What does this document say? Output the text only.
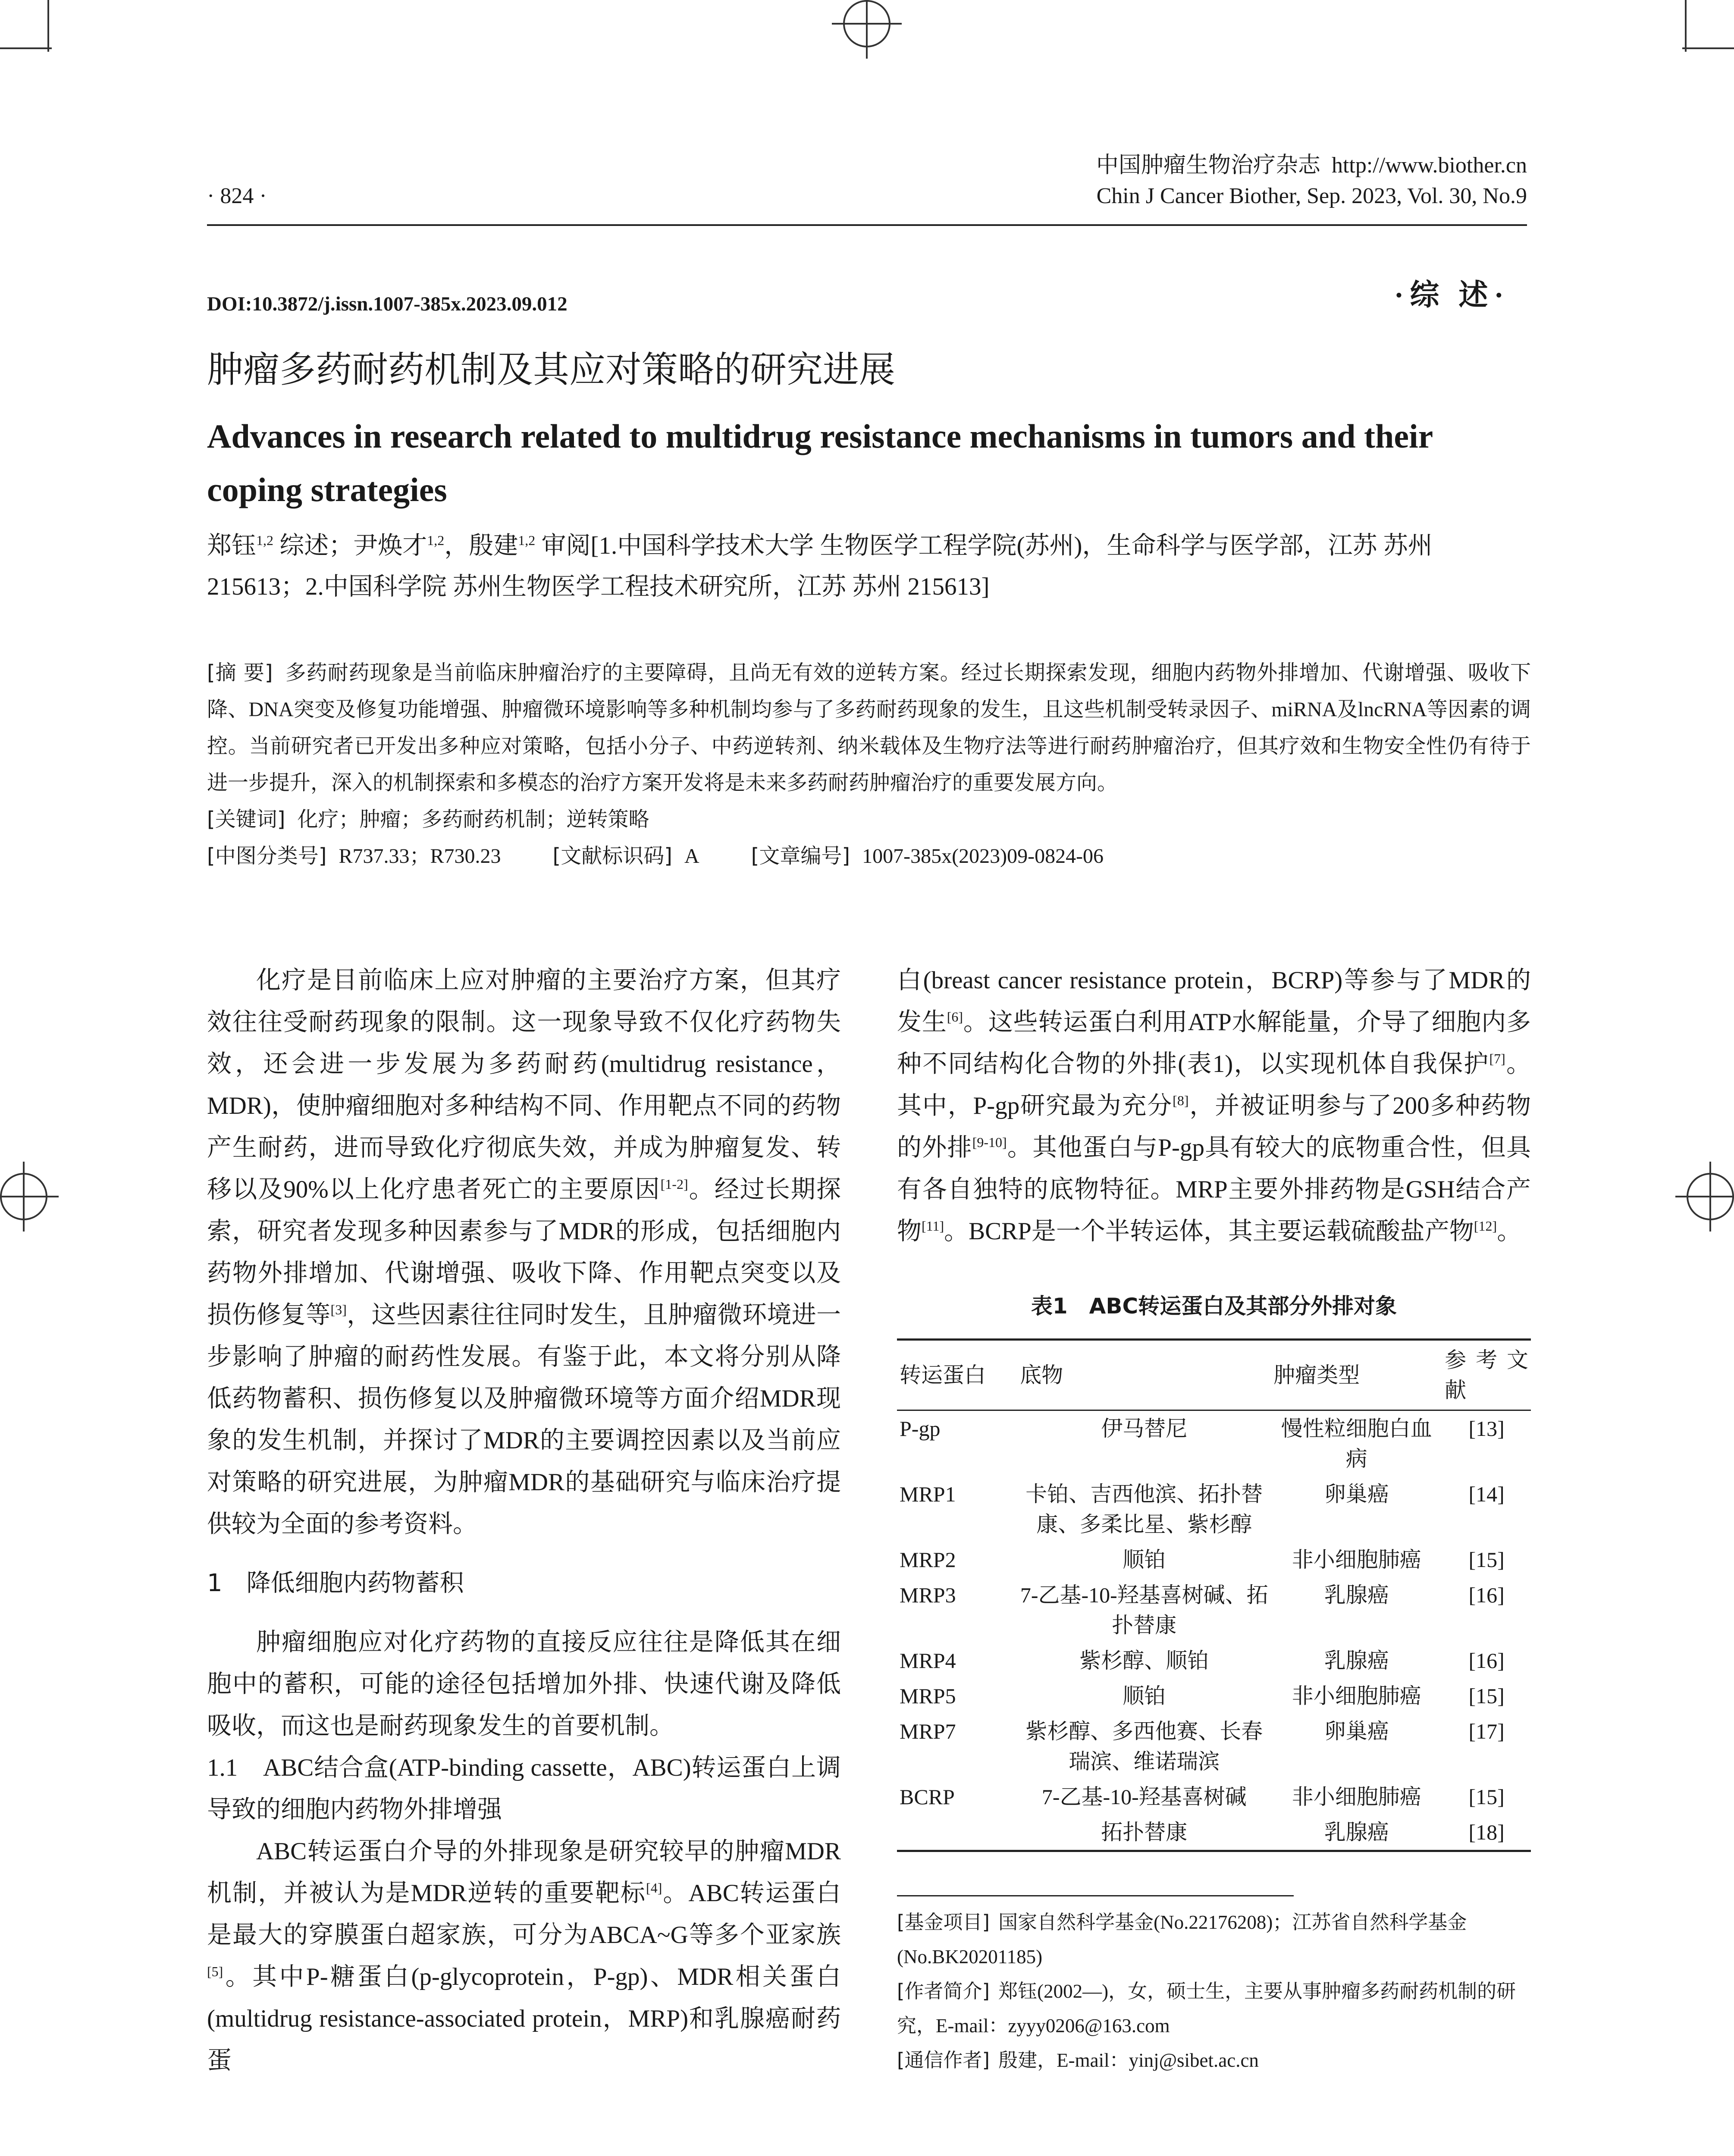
中国肿瘤生物治疗杂志 http://www.biother.cn
Chin J Cancer Biother, Sep. 2023, Vol. 30, No.9
· 824 ·
DOI:10.3872/j.issn.1007-385x.2023.09.012	·综 述·
肿瘤多药耐药机制及其应对策略的研究进展
Advances in research related to multidrug resistance mechanisms in tumors and their coping strategies
郑钰$^{1,2}$ 综述；尹焕才$^{1,2}$，殷建$^{1,2}$ 审阅[1.中国科学技术大学 生物医学工程学院(苏州)，生命科学与医学部，江苏 苏州 215613；2.中国科学院 苏州生物医学工程技术研究所，江苏 苏州 215613]
[摘 要] 多药耐药现象是当前临床肿瘤治疗的主要障碍，且尚无有效的逆转方案。经过长期探索发现，细胞内药物外排增加、代谢增强、吸收下降、DNA突变及修复功能增强、肿瘤微环境影响等多种机制均参与了多药耐药现象的发生，且这些机制受转录因子、miRNA及lncRNA等因素的调控。当前研究者已开发出多种应对策略，包括小分子、中药逆转剂、纳米载体及生物疗法等进行耐药肿瘤治疗，但其疗效和生物安全性仍有待于进一步提升，深入的机制探索和多模态的治疗方案开发将是未来多药耐药肿瘤治疗的重要发展方向。
[关键词] 化疗；肿瘤；多药耐药机制；逆转策略
[中图分类号] R737.33；R730.23	[文献标识码] A	[文章编号] 1007-385x(2023)09-0824-06

化疗是目前临床上应对肿瘤的主要治疗方案，但其疗效往往受耐药现象的限制。这一现象导致不仅化疗药物失效，还会进一步发展为多药耐药(multidrug resistance，MDR)，使肿瘤细胞对多种结构不同、作用靶点不同的药物产生耐药，进而导致化疗彻底失效，并成为肿瘤复发、转移以及90%以上化疗患者死亡的主要原因[1-2]。经过长期探索，研究者发现多种因素参与了MDR的形成，包括细胞内药物外排增加、代谢增强、吸收下降、作用靶点突变以及损伤修复等[3]，这些因素往往同时发生，且肿瘤微环境进一步影响了肿瘤的耐药性发展。有鉴于此，本文将分别从降低药物蓄积、损伤修复以及肿瘤微环境等方面介绍MDR现象的发生机制，并探讨了MDR的主要调控因素以及当前应对策略的研究进展，为肿瘤MDR的基础研究与临床治疗提供较为全面的参考资料。

1　降低细胞内药物蓄积

肿瘤细胞应对化疗药物的直接反应往往是降低其在细胞中的蓄积，可能的途径包括增加外排、快速代谢及降低吸收，而这也是耐药现象发生的首要机制。

1.1　ABC结合盒(ATP-binding cassette，ABC)转运蛋白上调导致的细胞内药物外排增强

ABC转运蛋白介导的外排现象是研究较早的肿瘤MDR机制，并被认为是MDR逆转的重要靶标[4]。ABC转运蛋白是最大的穿膜蛋白超家族，可分为ABCA~G等多个亚家族[5]。其中P-糖蛋白(p-glycoprotein，P-gp)、MDR相关蛋白(multidrug resistance-associated protein，MRP)和乳腺癌耐药蛋

白(breast cancer resistance protein，BCRP)等参与了MDR的发生[6]。这些转运蛋白利用ATP水解能量，介导了细胞内多种不同结构化合物的外排(表1)，以实现机体自我保护[7]。其中，P-gp研究最为充分[8]，并被证明参与了200多种药物的外排[9-10]。其他蛋白与P-gp具有较大的底物重合性，但具有各自独特的底物特征。MRP主要外排药物是GSH结合产物[11]。BCRP是一个半转运体，其主要运载硫酸盐产物[12]。

表1　ABC转运蛋白及其部分外排对象
转运蛋白	底物	肿瘤类型	参考文献
P-gp	伊马替尼	慢性粒细胞白血病	[13]
MRP1	卡铂、吉西他滨、拓扑替康、多柔比星、紫杉醇	卵巢癌	[14]
MRP2	顺铂	非小细胞肺癌	[15]
MRP3	7-乙基-10-羟基喜树碱、拓扑替康	乳腺癌	[16]
MRP4	紫杉醇、顺铂	乳腺癌	[16]
MRP5	顺铂	非小细胞肺癌	[15]
MRP7	紫杉醇、多西他赛、长春瑞滨、维诺瑞滨	卵巢癌	[17]
BCRP	7-乙基-10-羟基喜树碱	非小细胞肺癌	[15]
	拓扑替康	乳腺癌	[18]
[基金项目] 国家自然科学基金(No.22176208)；江苏省自然科学基金(No.BK20201185)
[作者简介] 郑钰(2002—)，女，硕士生，主要从事肿瘤多药耐药机制的研究，E-mail：zyyy0206@163.com
[通信作者] 殷建，E-mail：yinj@sibet.ac.cn
